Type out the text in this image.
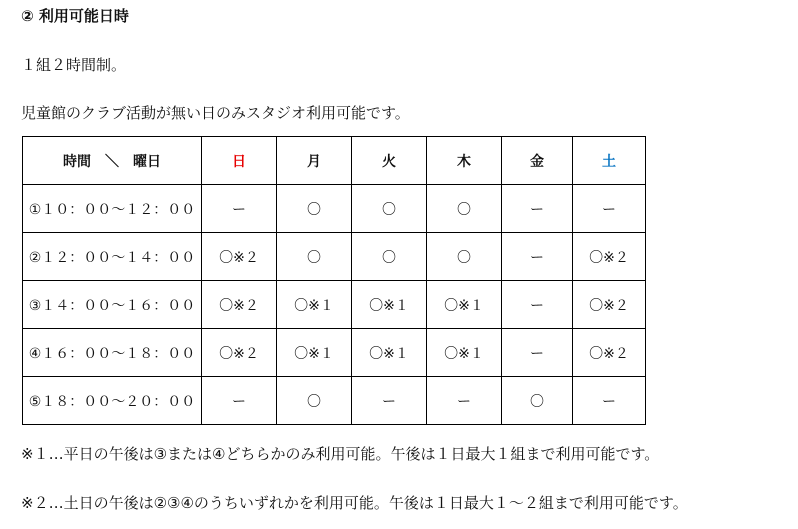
② 利用可能日時
１組２時間制。
児童館のクラブ活動が無い日のみスタジオ利用可能です。
時間　＼　曜日	日	月	火	木	金	土
①１０：００～１２：００	ー	〇	〇	〇	ー	ー
②１２：００～１４：００	〇※２	〇	〇	〇	ー	〇※２
③１４：００～１６：００	〇※２	〇※１	〇※１	〇※１	ー	〇※２
④１６：００～１８：００	〇※２	〇※１	〇※１	〇※１	ー	〇※２
⑤１８：００～２０：００	ー	〇	ー	ー	〇	ー
※１…平日の午後は③または④どちらかのみ利用可能。午後は１日最大１組まで利用可能です。
※２…土日の午後は②③④のうちいずれかを利用可能。午後は１日最大１～２組まで利用可能です。
